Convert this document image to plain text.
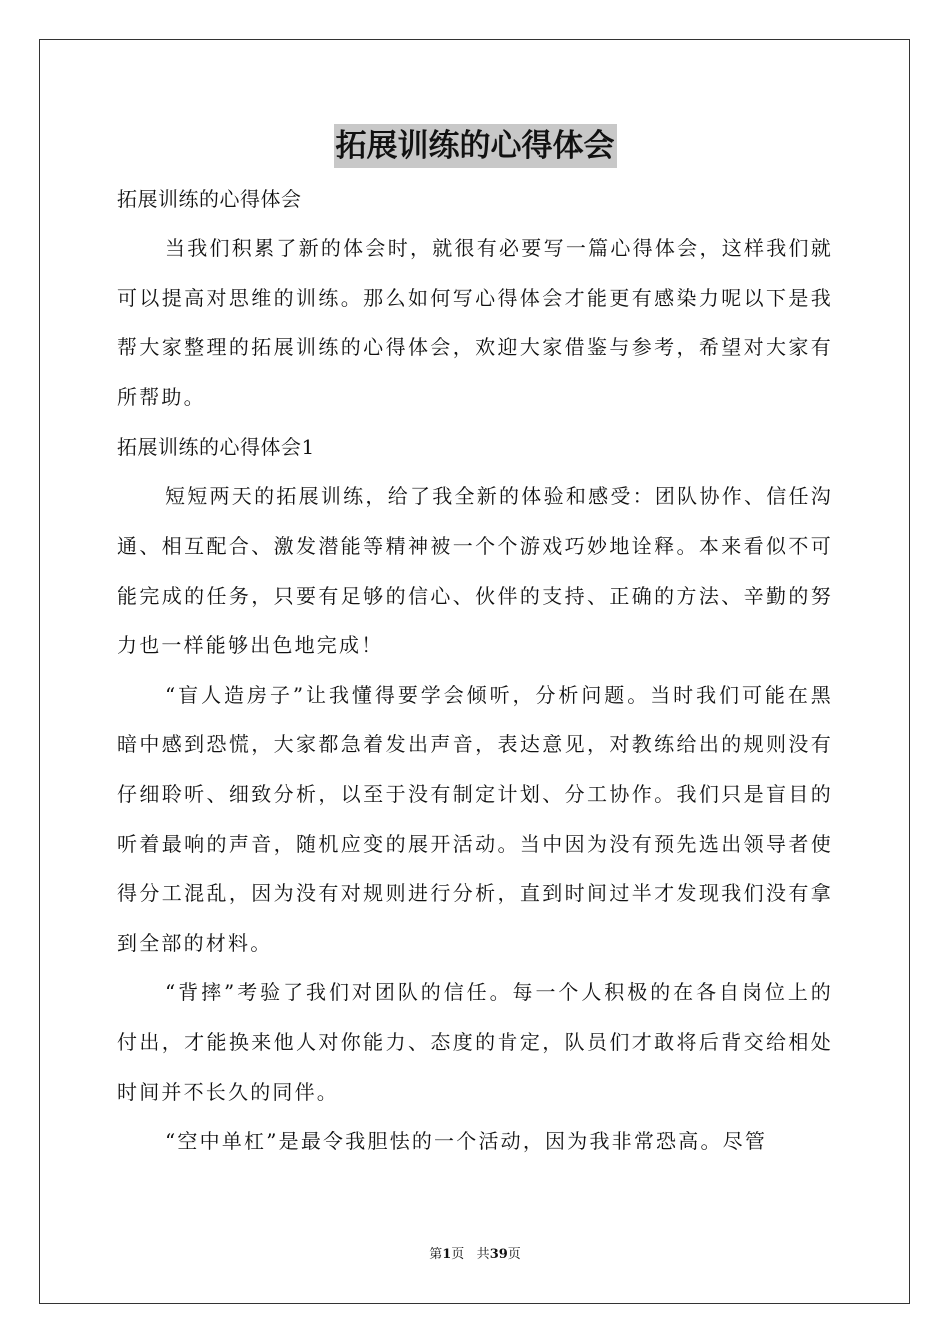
拓展训练的心得体会

拓展训练的心得体会

当我们积累了新的体会时，就很有必要写一篇心得体会，这样我们就可以提高对思维的训练。那么如何写心得体会才能更有感染力呢以下是我帮大家整理的拓展训练的心得体会，欢迎大家借鉴与参考，希望对大家有所帮助。

拓展训练的心得体会1

短短两天的拓展训练，给了我全新的体验和感受：团队协作、信任沟通、相互配合、激发潜能等精神被一个个游戏巧妙地诠释。本来看似不可能完成的任务，只要有足够的信心、伙伴的支持、正确的方法、辛勤的努力也一样能够出色地完成！

“盲人造房子”让我懂得要学会倾听，分析问题。当时我们可能在黑暗中感到恐慌，大家都急着发出声音，表达意见，对教练给出的规则没有仔细聆听、细致分析，以至于没有制定计划、分工协作。我们只是盲目的听着最响的声音，随机应变的展开活动。当中因为没有预先选出领导者使得分工混乱，因为没有对规则进行分析，直到时间过半才发现我们没有拿到全部的材料。

“背摔”考验了我们对团队的信任。每一个人积极的在各自岗位上的付出，才能换来他人对你能力、态度的肯定，队员们才敢将后背交给相处时间并不长久的同伴。

“空中单杠”是最令我胆怯的一个活动，因为我非常恐高。尽管

第1页 共39页
